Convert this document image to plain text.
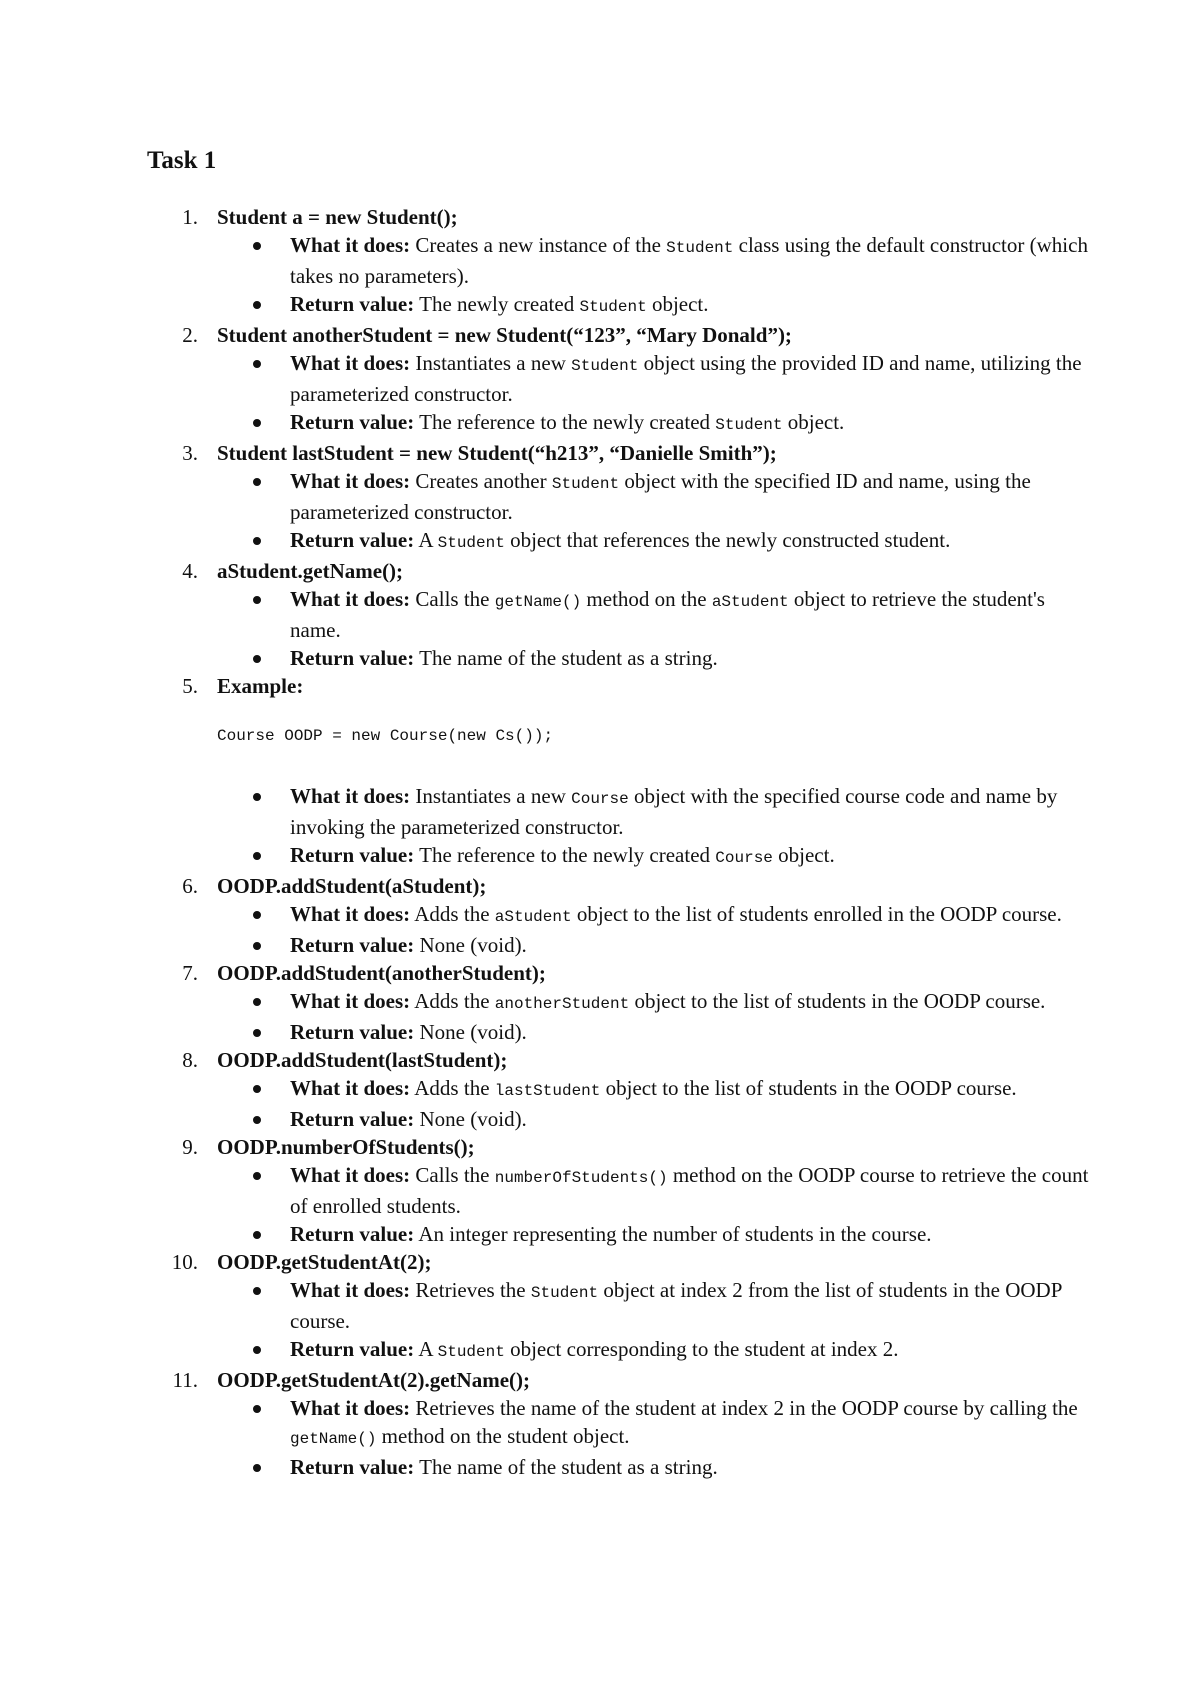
Task 1
1. Student a = new Student();
What it does: Creates a new instance of the Student class using the default constructor (which takes no parameters).
Return value: The newly created Student object.
2. Student anotherStudent = new Student(“123”, “Mary Donald”);
What it does: Instantiates a new Student object using the provided ID and name, utilizing the parameterized constructor.
Return value: The reference to the newly created Student object.
3. Student lastStudent = new Student(“h213”, “Danielle Smith”);
What it does: Creates another Student object with the specified ID and name, using the parameterized constructor.
Return value: A Student object that references the newly constructed student.
4. aStudent.getName();
What it does: Calls the getName() method on the aStudent object to retrieve the student's name.
Return value: The name of the student as a string.
5. Example:
Course OODP = new Course(new Cs());
What it does: Instantiates a new Course object with the specified course code and name by invoking the parameterized constructor.
Return value: The reference to the newly created Course object.
6. OODP.addStudent(aStudent);
What it does: Adds the aStudent object to the list of students enrolled in the OODP course.
Return value: None (void).
7. OODP.addStudent(anotherStudent);
What it does: Adds the anotherStudent object to the list of students in the OODP course.
Return value: None (void).
8. OODP.addStudent(lastStudent);
What it does: Adds the lastStudent object to the list of students in the OODP course.
Return value: None (void).
9. OODP.numberOfStudents();
What it does: Calls the numberOfStudents() method on the OODP course to retrieve the count of enrolled students.
Return value: An integer representing the number of students in the course.
10. OODP.getStudentAt(2);
What it does: Retrieves the Student object at index 2 from the list of students in the OODP course.
Return value: A Student object corresponding to the student at index 2.
11. OODP.getStudentAt(2).getName();
What it does: Retrieves the name of the student at index 2 in the OODP course by calling the getName() method on the student object.
Return value: The name of the student as a string.
